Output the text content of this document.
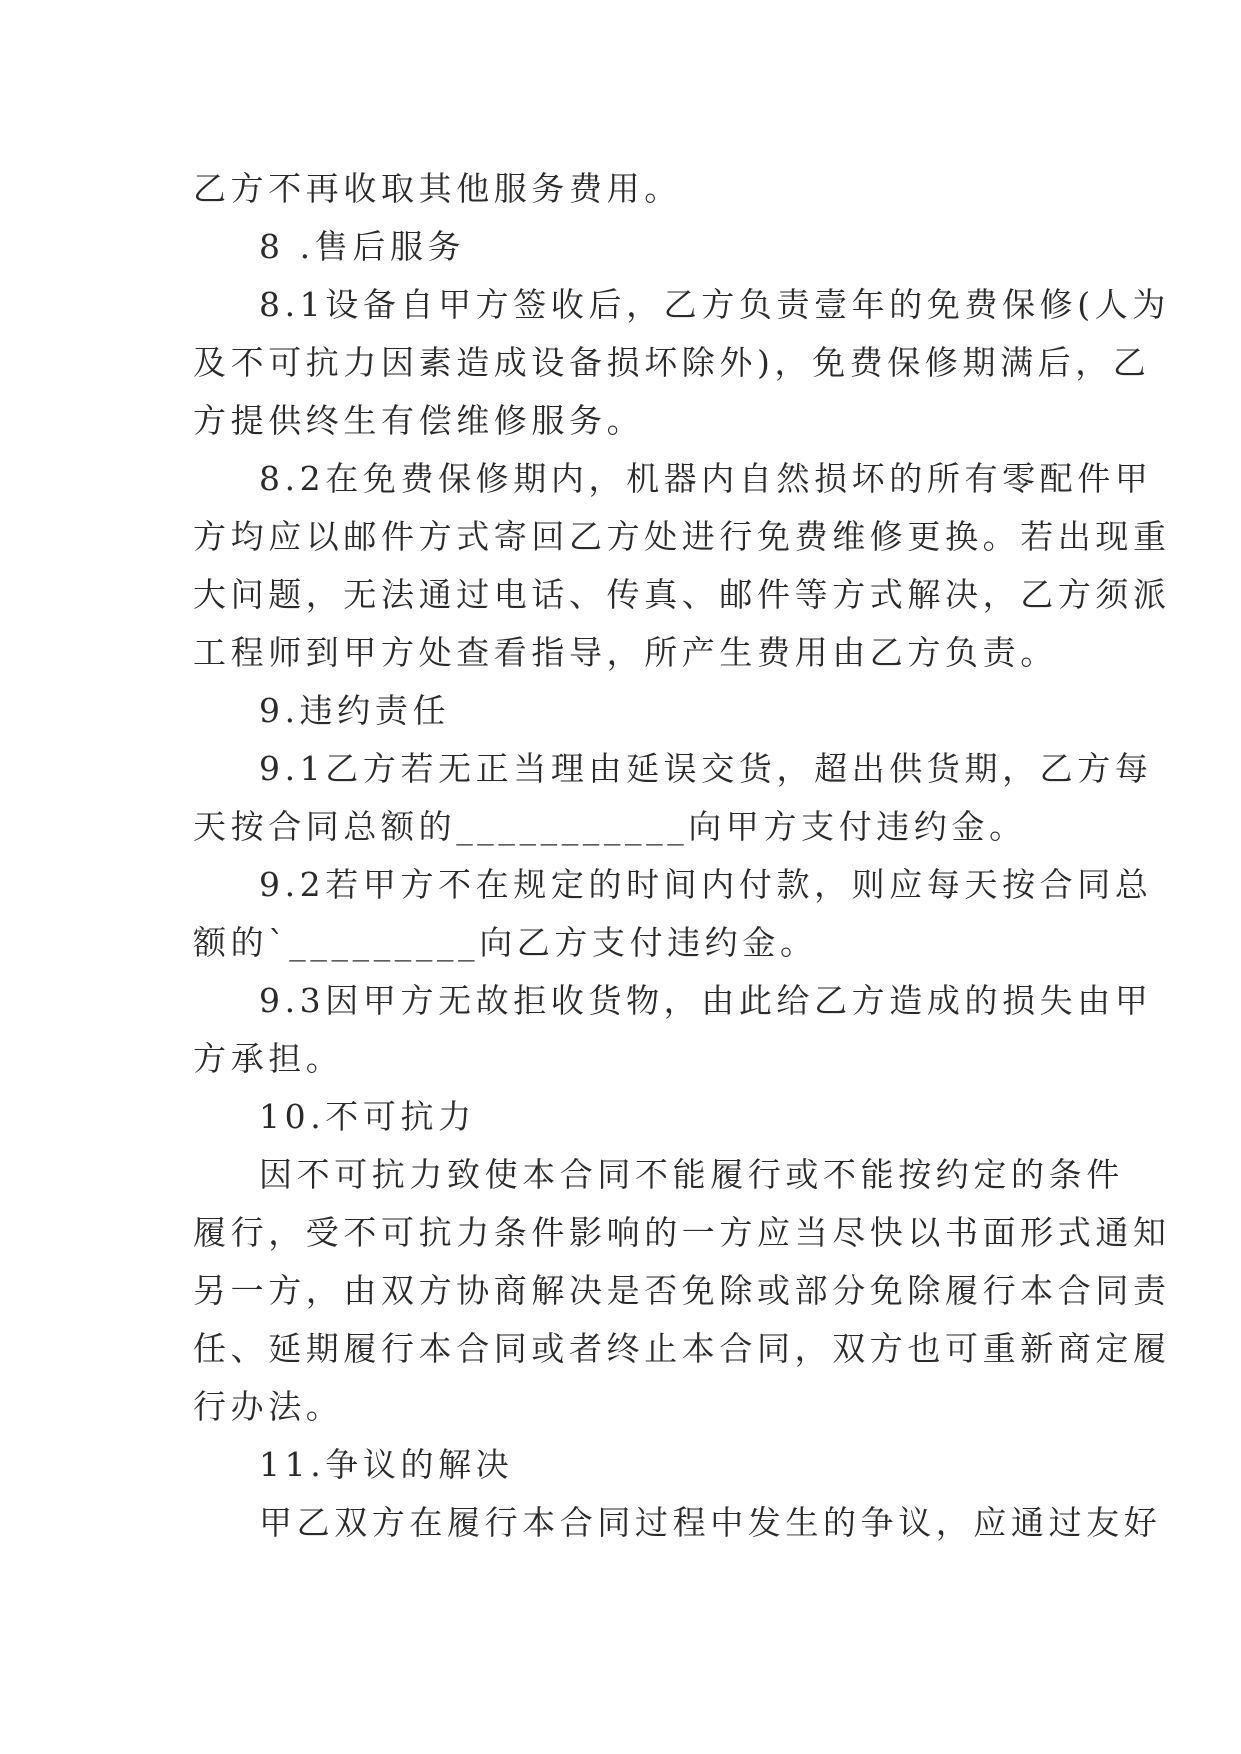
乙方不再收取其他服务费用。
8 .售后服务
8.1设备自甲方签收后，乙方负责壹年的免费保修(人为
及不可抗力因素造成设备损坏除外)，免费保修期满后，乙
方提供终生有偿维修服务。
8.2在免费保修期内，机器内自然损坏的所有零配件甲
方均应以邮件方式寄回乙方处进行免费维修更换。若出现重
大问题，无法通过电话、传真、邮件等方式解决，乙方须派
工程师到甲方处查看指导，所产生费用由乙方负责。
9.违约责任
9.1乙方若无正当理由延误交货，超出供货期，乙方每
天按合同总额的___________向甲方支付违约金。
9.2若甲方不在规定的时间内付款，则应每天按合同总
额的`_________向乙方支付违约金。
9.3因甲方无故拒收货物，由此给乙方造成的损失由甲
方承担。
10.不可抗力
因不可抗力致使本合同不能履行或不能按约定的条件
履行，受不可抗力条件影响的一方应当尽快以书面形式通知
另一方，由双方协商解决是否免除或部分免除履行本合同责
任、延期履行本合同或者终止本合同，双方也可重新商定履
行办法。
11.争议的解决
甲乙双方在履行本合同过程中发生的争议，应通过友好
